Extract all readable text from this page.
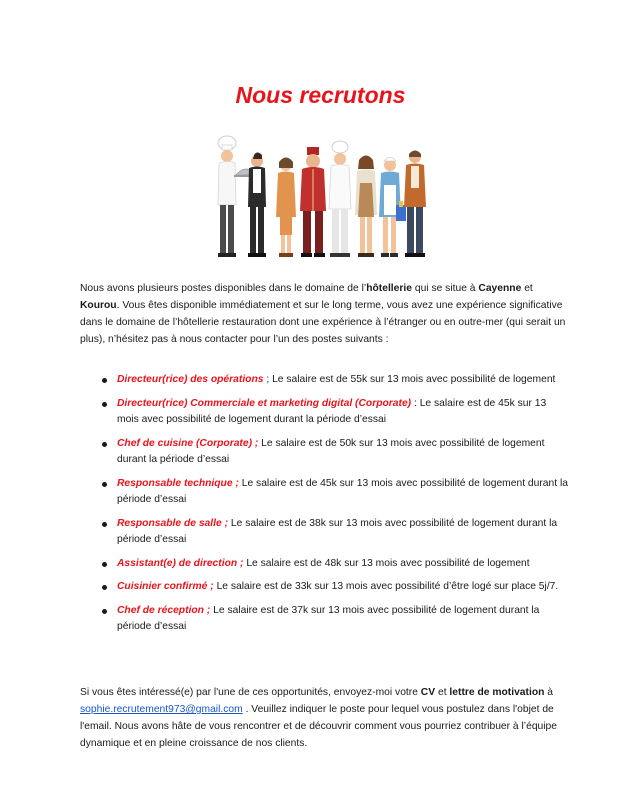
Nous recrutons
Nous avons plusieurs postes disponibles dans le domaine de l’hôtellerie qui se situe à Cayenne et Kourou. Vous êtes disponible immédiatement et sur le long terme, vous avez une expérience significative dans le domaine de l’hôtellerie restauration dont une expérience à l’étranger ou en outre-mer (qui serait un plus), n’hésitez pas à nous contacter pour l’un des postes suivants :
Directeur(rice) des opérations ; Le salaire est de 55k sur 13 mois avec possibilité de logement
Directeur(rice) Commerciale et marketing digital (Corporate) : Le salaire est de 45k sur 13 mois avec possibilité de logement durant la période d’essai
Chef de cuisine (Corporate) ; Le salaire est de 50k sur 13 mois avec possibilité de logement durant la période d’essai
Responsable technique ; Le salaire est de 45k sur 13 mois avec possibilité de logement durant la période d’essai
Responsable de salle ; Le salaire est de 38k sur 13 mois avec possibilité de logement durant la période d’essai
Assistant(e) de direction ; Le salaire est de 48k sur 13 mois avec possibilité de logement
Cuisinier confirmé ; Le salaire est de 33k sur 13 mois avec possibilité d’être logé sur place 5j/7.
Chef de réception ; Le salaire est de 37k sur 13 mois avec possibilité de logement durant la période d’essai
Si vous êtes intéressé(e) par l'une de ces opportunités, envoyez-moi votre CV et lettre de motivation à sophie.recrutement973@gmail.com . Veuillez indiquer le poste pour lequel vous postulez dans l'objet de l'email. Nous avons hâte de vous rencontrer et de découvrir comment vous pourriez contribuer à l’équipe dynamique et en pleine croissance de nos clients.
